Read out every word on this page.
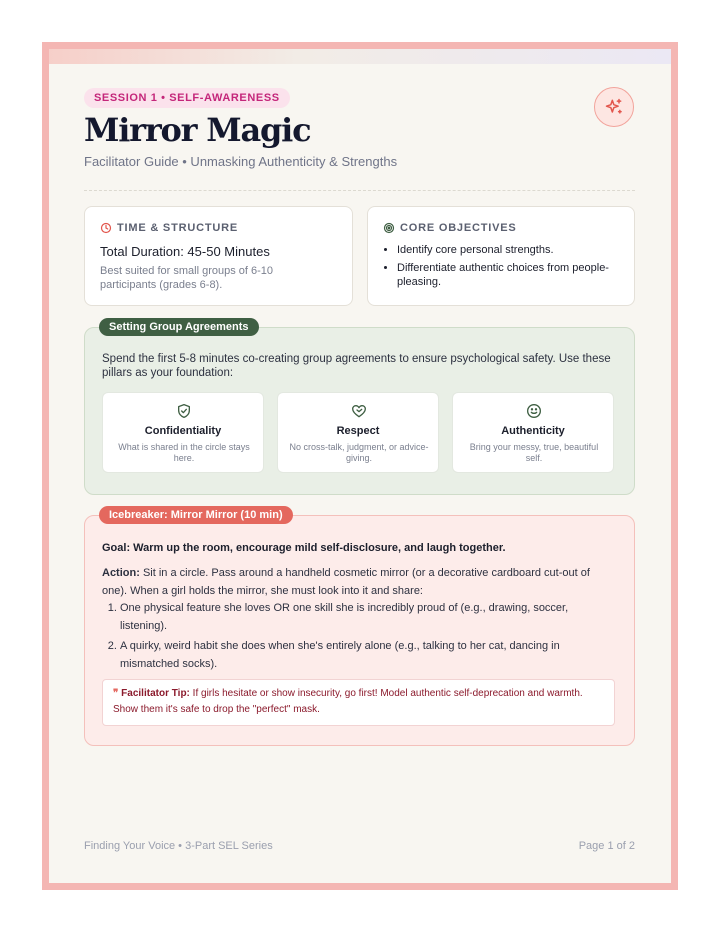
SESSION 1 • SELF-AWARENESS
Mirror Magic
Facilitator Guide • Unmasking Authenticity & Strengths
TIME & STRUCTURE
Total Duration: 45-50 Minutes
Best suited for small groups of 6-10 participants (grades 6-8).
CORE OBJECTIVES
• Identify core personal strengths.
• Differentiate authentic choices from people-pleasing.

Spend the first 5-8 minutes co-creating group agreements to ensure psychological safety. Use these pillars as your foundation:

Confidentiality
What is shared in the circle stays here.
Respect
No cross-talk, judgment, or advice-giving.
Authenticity
Bring your messy, true, beautiful self.
Setting Group Agreements
Goal: Warm up the room, encourage mild self-disclosure, and laugh together.

Action: Sit in a circle. Pass around a handheld cosmetic mirror (or a decorative cardboard cut-out of one). When a girl holds the mirror, she must look into it and share:

1. One physical feature she loves OR one skill she is incredibly proud of (e.g., drawing, soccer, listening).
2. A quirky, weird habit she does when she's entirely alone (e.g., talking to her cat, dancing in mismatched socks).
❞ Facilitator Tip: If girls hesitate or show insecurity, go first! Model authentic self-deprecation and warmth. Show them it's safe to drop the "perfect" mask.
Icebreaker: Mirror Mirror (10 min)
Finding Your Voice • 3-Part SEL Series	Page 1 of 2
